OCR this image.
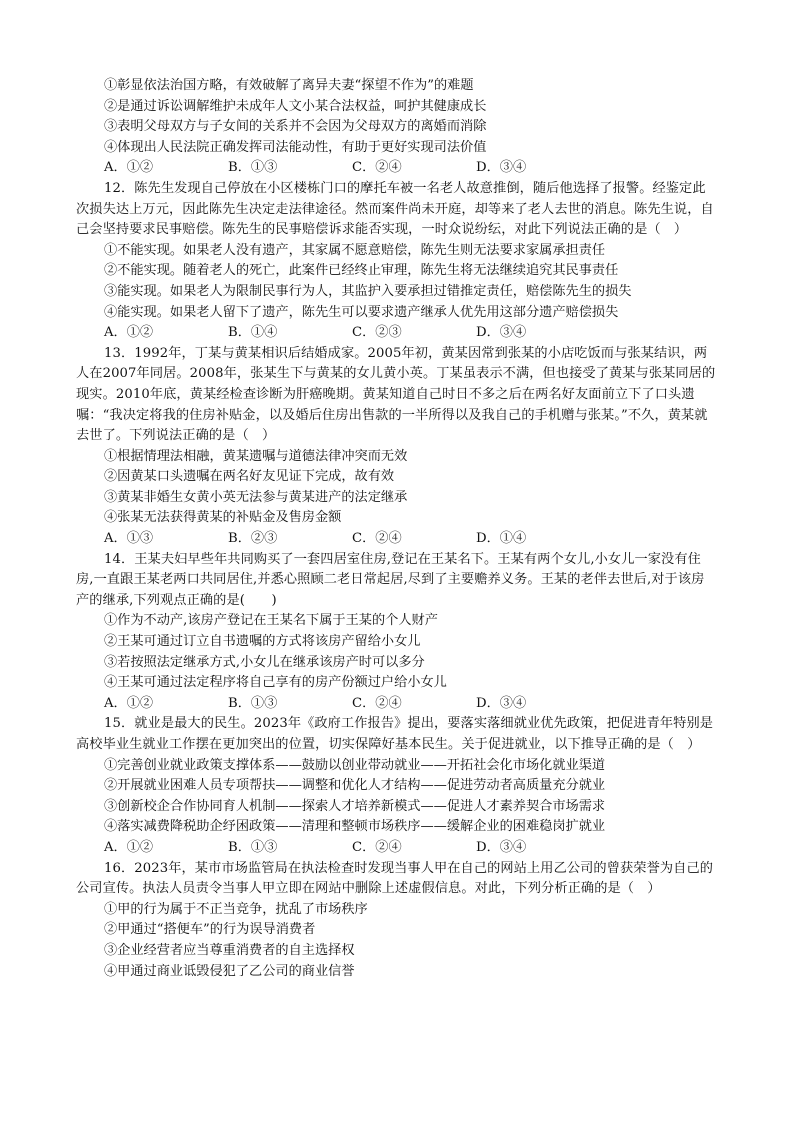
①彰显依法治国方略，有效破解了离异夫妻“探望不作为”的难题

②是通过诉讼调解维护未成年人文小某合法权益，呵护其健康成长

③表明父母双方与子女间的关系并不会因为父母双方的离婚而消除

④体现出人民法院正确发挥司法能动性，有助于更好实现司法价值

A．①②	B．①③	C．②④	D．③④

12．陈先生发现自己停放在小区楼栋门口的摩托车被一名老人故意推倒，随后他选择了报警。经鉴定此次损失达上万元，因此陈先生决定走法律途径。然而案件尚未开庭，却等来了老人去世的消息。陈先生说，自己会坚持要求民事赔偿。陈先生的民事赔偿诉求能否实现，一时众说纷纭，对此下列说法正确的是（　）

①不能实现。如果老人没有遗产，其家属不愿意赔偿，陈先生则无法要求家属承担责任

②不能实现。随着老人的死亡，此案件已经终止审理，陈先生将无法继续追究其民事责任

③能实现。如果老人为限制民事行为人，其监护入要承担过错推定责任，赔偿陈先生的损失

④能实现。如果老人留下了遗产，陈先生可以要求遗产继承人优先用这部分遗产赔偿损失

A．①②	B．①④	C．②③	D．③④

13．1992年，丁某与黄某相识后结婚成家。2005年初，黄某因常到张某的小店吃饭而与张某结识，两人在2007年同居。2008年，张某生下与黄某的女儿黄小英。丁某虽表示不满，但也接受了黄某与张某同居的现实。2010年底，黄某经检查诊断为肝癌晚期。黄某知道自己时日不多之后在两名好友面前立下了口头遗嘱：“我决定将我的住房补贴金，以及婚后住房出售款的一半所得以及我自己的手机赠与张某。”不久，黄某就去世了。下列说法正确的是（　）

①根据情理法相融，黄某遗嘱与道德法律冲突而无效

②因黄某口头遗嘱在两名好友见证下完成，故有效

③黄某非婚生女黄小英无法参与黄某进产的法定继承

④张某无法获得黄某的补贴金及售房金额

A．①③	B．②③	C．②④	D．①④

14．王某夫妇早些年共同购买了一套四居室住房,登记在王某名下。王某有两个女儿,小女儿一家没有住房,一直跟王某老两口共同居住,并悉心照顾二老日常起居,尽到了主要赡养义务。王某的老伴去世后,对于该房产的继承,下列观点正确的是(　　)

①作为不动产,该房产登记在王某名下属于王某的个人财产

②王某可通过订立自书遗嘱的方式将该房产留给小女儿

③若按照法定继承方式,小女儿在继承该房产时可以多分

④王某可通过法定程序将自己享有的房产份额过户给小女儿

A．①②	B．①③	C．②④	D．③④

15．就业是最大的民生。2023年《政府工作报告》提出，要落实落细就业优先政策，把促进青年特别是高校毕业生就业工作摆在更加突出的位置，切实保障好基本民生。关于促进就业，以下推导正确的是（　）

①完善创业就业政策支撑体系——鼓励以创业带动就业——开拓社会化市场化就业渠道

②开展就业困难人员专项帮扶——调整和优化人才结构——促进劳动者高质量充分就业

③创新校企合作协同育人机制——探索人才培养新模式——促进人才素养契合市场需求

④落实减费降税助企纾困政策——清理和整顿市场秩序——缓解企业的困难稳岗扩就业

A．①②	B．①③	C．②④	D．③④

16．2023年，某市市场监管局在执法检查时发现当事人甲在自己的网站上用乙公司的曾获荣誉为自己的公司宣传。执法人员责令当事人甲立即在网站中删除上述虚假信息。对此，下列分析正确的是（　）

①甲的行为属于不正当竞争，扰乱了市场秩序

②甲通过“搭便车”的行为误导消费者

③企业经营者应当尊重消费者的自主选择权

④甲通过商业诋毁侵犯了乙公司的商业信誉
